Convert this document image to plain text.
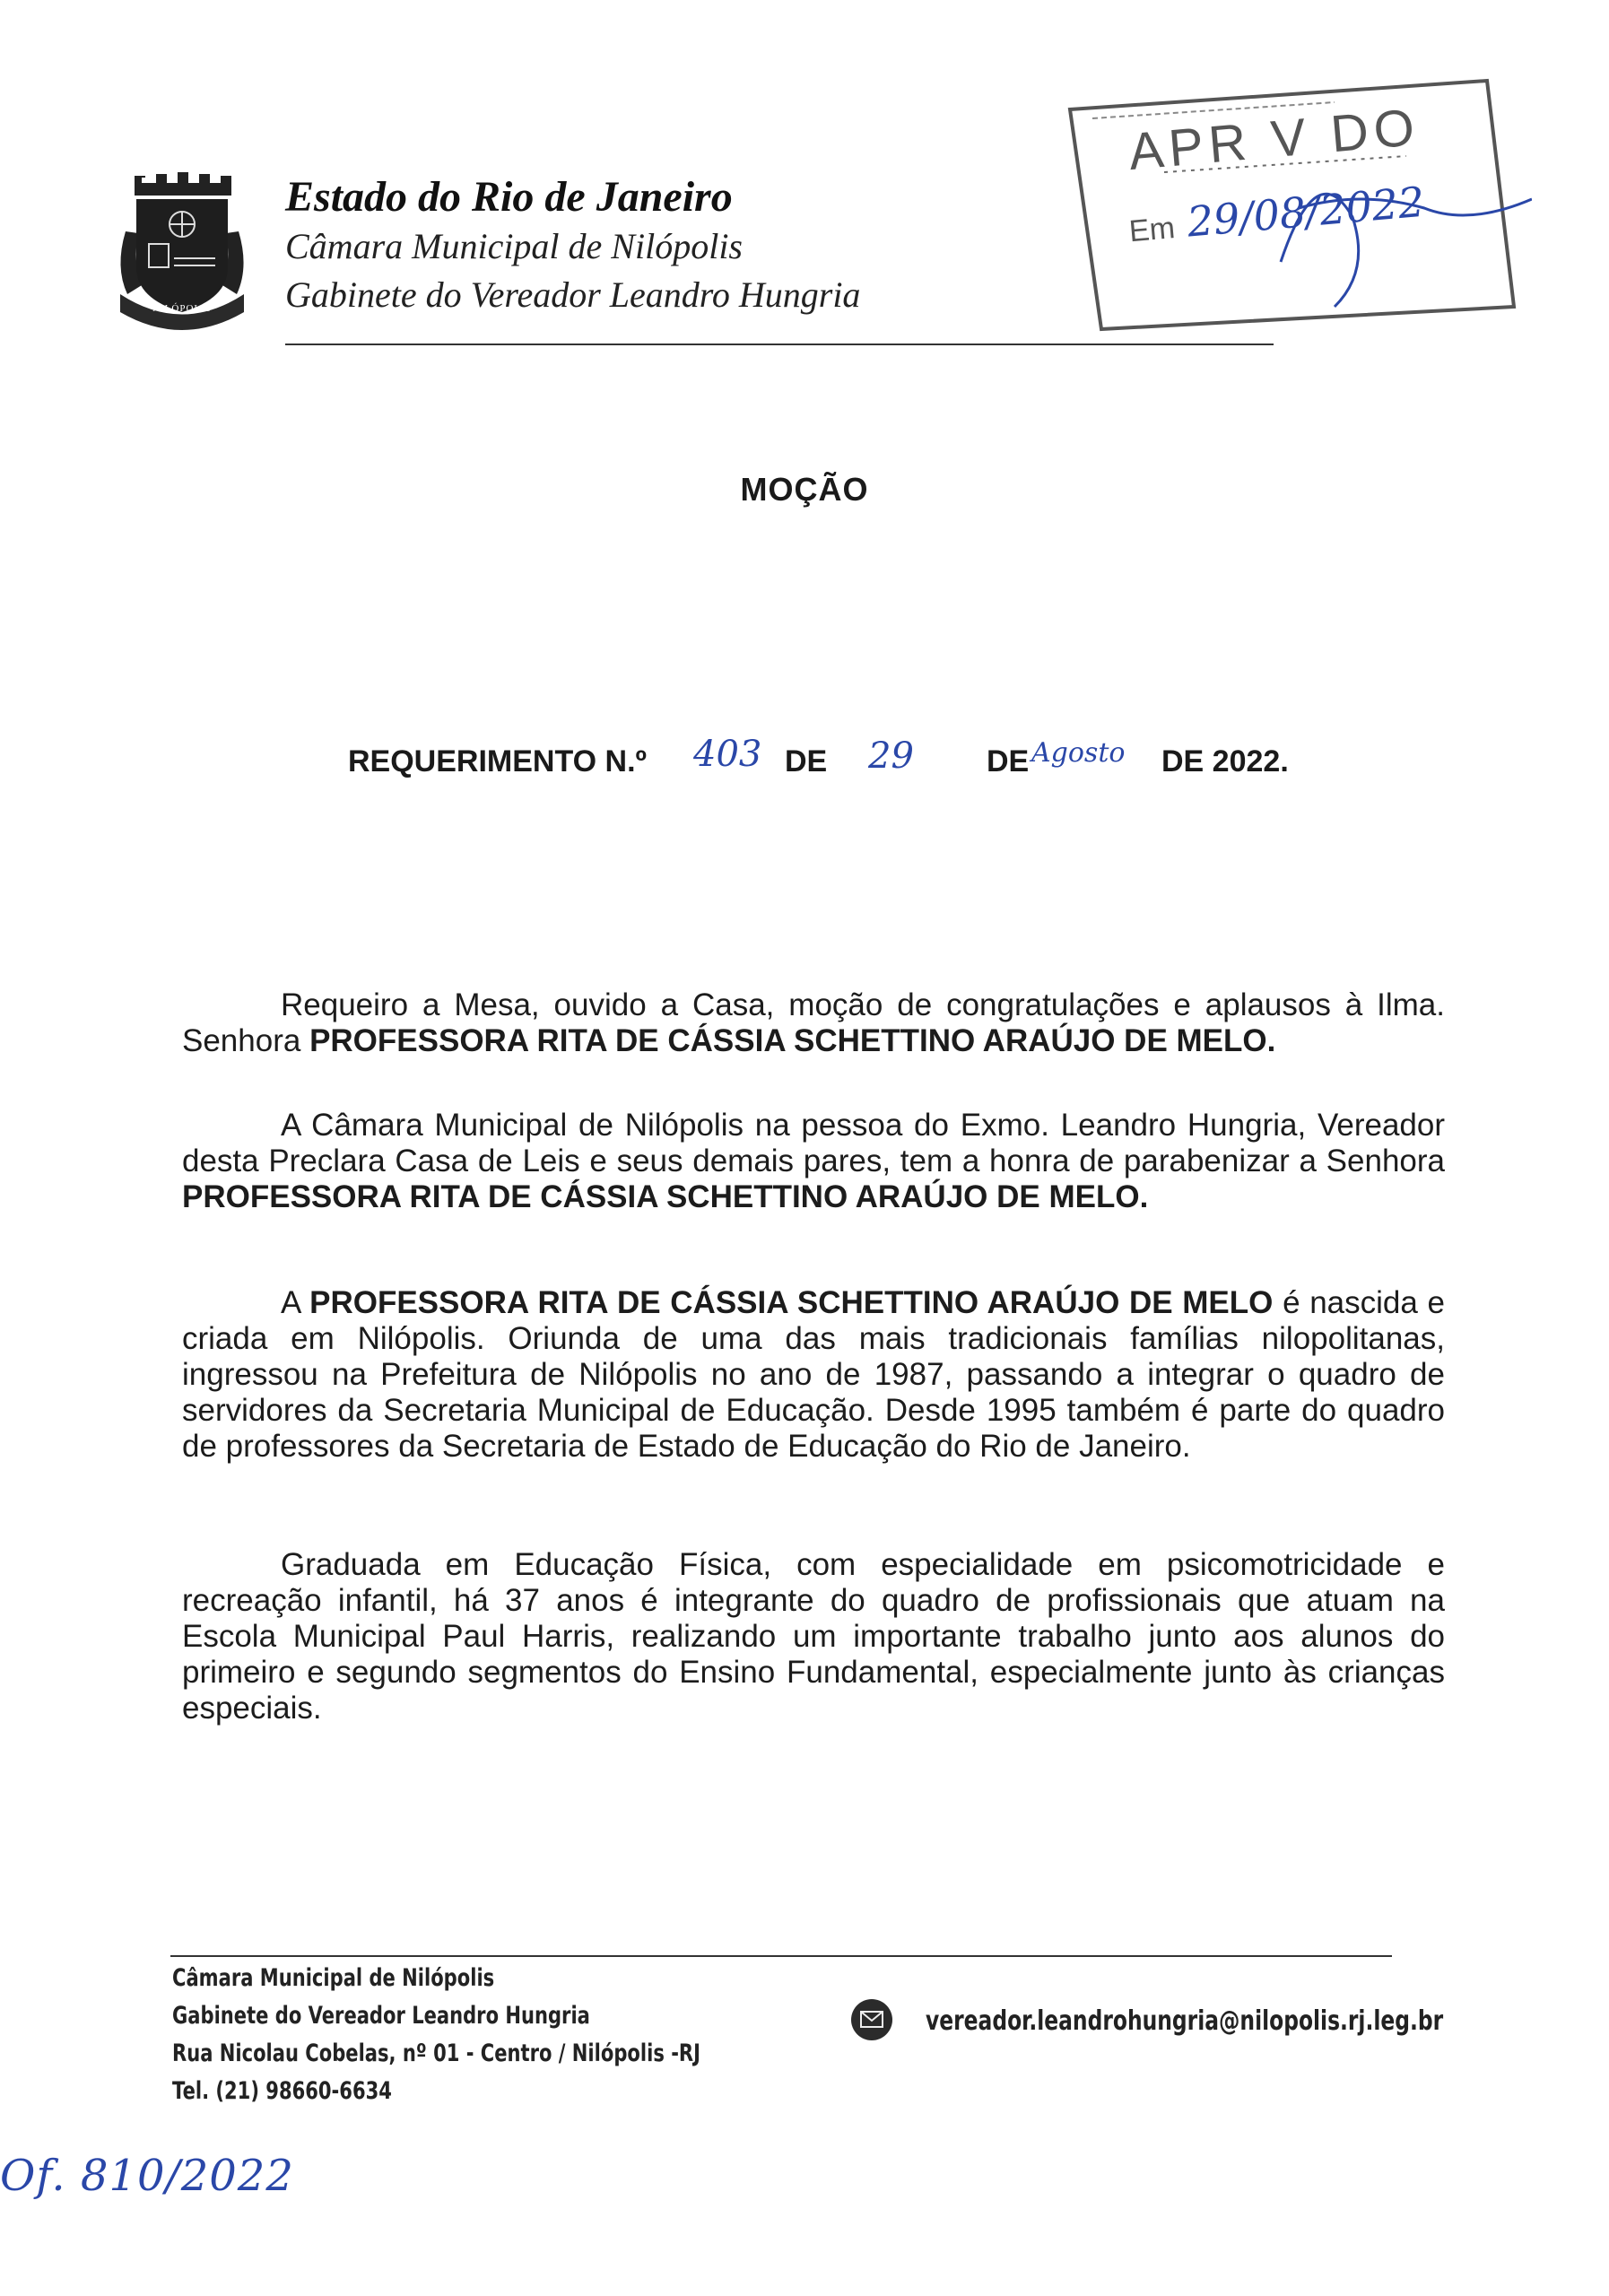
NILÓPOLIS
Estado do Rio de Janeiro
Câmara Municipal de Nilópolis
Gabinete do Vereador Leandro Hungria
APR V DO
Em 29/08/2022
MOÇÃO
REQUERIMENTO N.º 403 DE 29 DE Agosto DE 2022.
Requeiro a Mesa, ouvido a Casa, moção de congratulações e aplausos à Ilma. Senhora PROFESSORA RITA DE CÁSSIA SCHETTINO ARAÚJO DE MELO.
A Câmara Municipal de Nilópolis na pessoa do Exmo. Leandro Hungria, Vereador desta Preclara Casa de Leis e seus demais pares, tem a honra de parabenizar a Senhora PROFESSORA RITA DE CÁSSIA SCHETTINO ARAÚJO DE MELO.
A PROFESSORA RITA DE CÁSSIA SCHETTINO ARAÚJO DE MELO é nascida e criada em Nilópolis. Oriunda de uma das mais tradicionais famílias nilopolitanas, ingressou na Prefeitura de Nilópolis no ano de 1987, passando a integrar o quadro de servidores da Secretaria Municipal de Educação. Desde 1995 também é parte do quadro de professores da Secretaria de Estado de Educação do Rio de Janeiro.
Graduada em Educação Física, com especialidade em psicomotricidade e recreação infantil, há 37 anos é integrante do quadro de profissionais que atuam na Escola Municipal Paul Harris, realizando um importante trabalho junto aos alunos do primeiro e segundo segmentos do Ensino Fundamental, especialmente junto às crianças especiais.
Câmara Municipal de Nilópolis
Gabinete do Vereador Leandro Hungria
Rua Nicolau Cobelas, nº 01 - Centro / Nilópolis -RJ
Tel. (21) 98660-6634
vereador.leandrohungria@nilopolis.rj.leg.br
Of. 810/2022
